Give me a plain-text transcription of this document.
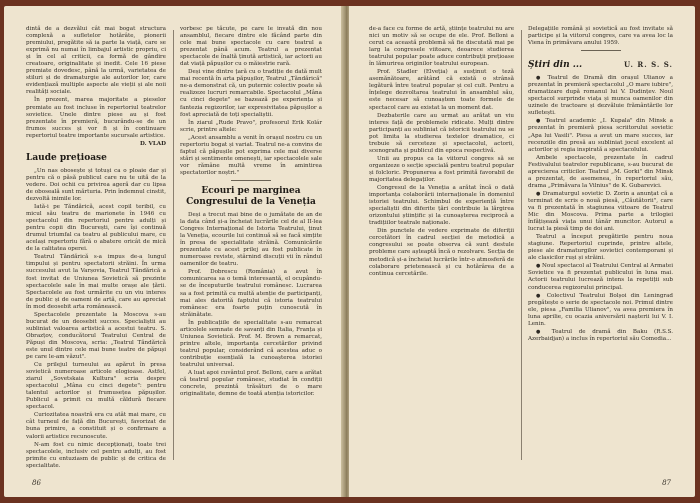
dintă de a dezvălui cât mai bogat structura complexă a sufletelor hotărâte, pionerii premiului, pregătite să ia parte la viață, care se exprimă nu numai în limbajul artistic propriu, ci și în cel al criticii, ca formă de gândire creatoare, originalitate și inedit. Cele 16 piese premiate dovedesc, până la urmă, varietatea de stiluri și de dramaturgie ale autorilor lor, care evidențiază multiple aspecte ale vieții și ale noii realități sociale.

În prezent, marea majoritate a pieselor premiate au fost incluse în repertoriul teatrelor sovietice. Unele dintre piese au și fost prezentate în premieră, bucurându-se de un frumos succes și vor fi și în continuare repertoriul teatre importante sucursale artistice.

D. VLAD
Laude prețioase

„Un nas obosește și totuși ca o ploaie dar și pentru că o păsă publicul care nu te uită de la vedere. Doi ochii cu privirea ageră dar cu lipsa de oboseală sunt mărturia. Prin îndemnul cinstit, dezvoltă inimile lor.

Iată-i pe Tăndărică, acest copil teribil, cu micul său teatru de marionete în 1946 cu spectacolul din repertoriul pentru adulți și pentru copii din București, care își continuă drumul triumfal ca teatru al publicului mare, cu același repertoriu fără o abatere oricât de mică de la calitatea operei.

Teatrul Tăndărică s-a impus de-a lungul timpului și pentru spectatorii străini. În urma succesului avut la Varșovia, Teatrul Tăndărică a fost invitat de Uniunea Sovietică să prezinte spectacolele sale în mai multe orașe ale țării. Spectacolele au fost urmărite cu un viu interes de public și de oameni de artă, care au apreciat în mod deosebit arta românească.

Spectacolele prezentate la Moscova s-au bucurat de un deosebit succes. Specialiștii au subliniat valoarea artistică a acestui teatru. S. Obrazțov, conducătorul Teatrului Central de Păpuși din Moscova, scria: „Teatrul Tăndărică este unul dintre cele mai bune teatre de păpuși pe care le-am văzut".

Cu prilejul turneului au apărut în presa sovietică numeroase articole elogioase. Astfel, ziarul „Sovetskaia Kultura" scria despre spectacolul „Mâna cu cinci degete": pentru talentul actorilor și frumusețea păpușilor. Publicul a primit cu multă căldură fiecare spectacol.

Curiozitatea noastră era cu atât mai mare, cu cât turneul de față din București, favorizat de buna primire, a constituit și o confirmare a valorii artistice recunoscute.

N-am fost cu nimic decepționați, toate trei spectacolele, inclusiv cel pentru adulți, au fost primite cu entuziasm de public și de critica de specialitate.

vorbesc pe tăcute, pe care le invată din nou ansamblul, fiecare dintre ele făcând parte din cele mai bune spectacole cu care teatrul a prezentat până acum. Teatrul a prezentat spectacole de înaltă ținută artistică, iar actorii au dat viață păpușilor cu o măiestrie rară.

Deși vine dintre țară cu o tradiție de dată mult mai recentă în arta păpușilor, Teatrul „Tăndărică" ne-a demonstrat că, un puternic colectiv poate să realizeze lucruri remarcabile. Spectacolul „Mâna cu cinci degete" se bazează pe experiența și fantezia regizorilor, iar expresivitatea păpușilor a fost apreciată de toți specialiștii.

În ziarul „Rude Pravo", profesorul Erik Kolár scrie, printre altele:

„Acest ansamblu a venit în orașul nostru cu un repertoriu bogat și variat. Teatrul ne-a convins de faptul că păpușile pot exprima cele mai diverse stări și sentimente omenești, iar spectacolele sale vor rămâne multă vreme în amintirea spectatorilor noștri."

Ecouri pe marginea Congresului de la Veneția

Deși a trecut mai bine de o jumătate de an de la data când și-a încheiat lucrările cel de al II-lea Congres Internațional de Istoria Teatrului, ținut la Veneția, ecourile lui continuă să se facă simțite în presa de specialitate străină. Comunicările prezentate cu acest prilej au fost publicate în numeroase reviste, stârnind discuții vii în rândul oamenilor de teatru.

Prof. Dobrescu (România) a avut în comunicarea sa o temă interesantă, el ocupându-se de începuturile teatrului românesc. Lucrarea sa a fost primită cu multă atenție de participanți, mai ales datorită faptului că istoria teatrului românesc era foarte puțin cunoscută în străinătate.

În publicațiile de specialitate s-au remarcat articolele semnate de savanți din Italia, Franța și Uniunea Sovietică. Prof. M. Brown a remarcat, printre altele, importanța cercetărilor privind teatrul popular, considerând că acestea aduc o contribuție esențială la cunoașterea istoriei teatrului universal.

A luat apoi cuvântul prof. Belloni, care a arătat că teatrul popular românesc, studiat în condiții concrete, prezintă trăsături de o mare originalitate, demne de toată atenția istoricilor.

86

de-a face cu forme de artă, științe teatrului nu are nici un motiv să se ocupe de ele. Prof. Belloni a cerut ca această problemă să fie discutată mai pe larg la congresele viitoare, deoarece studierea teatrului popular poate aduce contribuții prețioase în lămurirea originilor teatrului european.

Prof. Stadler (Elveția) a susținut o teză asemănătoare, arătând că există o strânsă legătură între teatrul popular și cel cult. Pentru a înțelege dezvoltarea teatrului în ansamblul său, este necesar să cunoaștem toate formele de spectacol care au existat la un moment dat.

Dezbaterile care au urmat au arătat un viu interes față de problemele ridicate. Mulți dintre participanți au subliniat că istoricii teatrului nu se pot limita la studierea textelor dramatice, ci trebuie să cerceteze și spectacolul, actorii, scenografia și publicul din epoca respectivă.

Unii au propus ca la viitorul congres să se organizeze o secție specială pentru teatrul popular și folcloric. Propunerea a fost primită favorabil de majoritatea delegaților.

Congresul de la Veneția a arătat încă o dată importanța colaborării internaționale în domeniul istoriei teatrului. Schimbul de experiență între specialiștii din diferite țări contribuie la lărgirea orizontului științific și la cunoașterea reciprocă a tradițiilor teatrale naționale.

Din punctele de vedere exprimate de diferiții cercetători în cadrul secției de metodică a congresului se poate observa că sunt destule probleme care așteaptă încă o rezolvare. Secția de metodică și-a încheiat lucrările într-o atmosferă de colaborare prietenească și cu hotărârea de a continua cercetările.

Delegațiile română și sovietică au fost invitate să participe și la viitorul congres, care va avea loc la Viena în primăvara anului 1959.

Știri din ...	U. R. S. S.

● Teatrul de Dramă din orașul Ulianov a prezentat în premieră spectacolul „O mare iubire", dramatizare după romanul lui V. Dudințev. Noul spectacol surprinde viața și munca oamenilor din uzinele de tractoare și dezvăluie frământările lor sufletești.

● Teatrul academic „I. Kupala" din Minsk a prezentat în premieră piesa scriitorului sovietic „Apa lui Vasili". Piesa a avut un mare succes, iar recenziile din presă au subliniat jocul excelent al actorilor și regia inspirată a spectacolului.

Ambele spectacole, prezentate în cadrul Festivalului teatrelor republicane, s-au bucurat de aprecierea criticilor. Teatrul „M. Gorki" din Minsk a prezentat, de asemenea, în repertoriul său, drama „Primăvara la Vilnius" de K. Gubarevici.

● Dramaturgul sovietic D. Zorin a anunțat că a terminat de scris o nouă piesă, „Căutătorii", care va fi prezentată în stagiunea viitoare de Teatrul Mic din Moscova. Prima parte a trilogiei înfățișează viața unui tânăr muncitor. Autorul a lucrat la piesă timp de doi ani.

Teatrul a început pregătirile pentru noua stagiune. Repertoriul cuprinde, printre altele, piese ale dramaturgilor sovietici contemporani și ale clasicilor ruși și străini.

● Noul spectacol al Teatrului Central al Armatei Sovietice va fi prezentat publicului în luna mai. Actorii teatrului lucrează intens la repetiții sub conducerea regizorului principal.

● Colectivul Teatrului Bolșoi din Leningrad pregătește o serie de spectacole noi. Primul dintre ele, piesa „Familia Ulianov", va avea premiera în luna aprilie, cu ocazia aniversării nașterii lui V. I. Lenin.

● Teatrul de dramă din Baku (R.S.S. Azerbaidjan) a inclus în repertoriul său Comedia...

87
